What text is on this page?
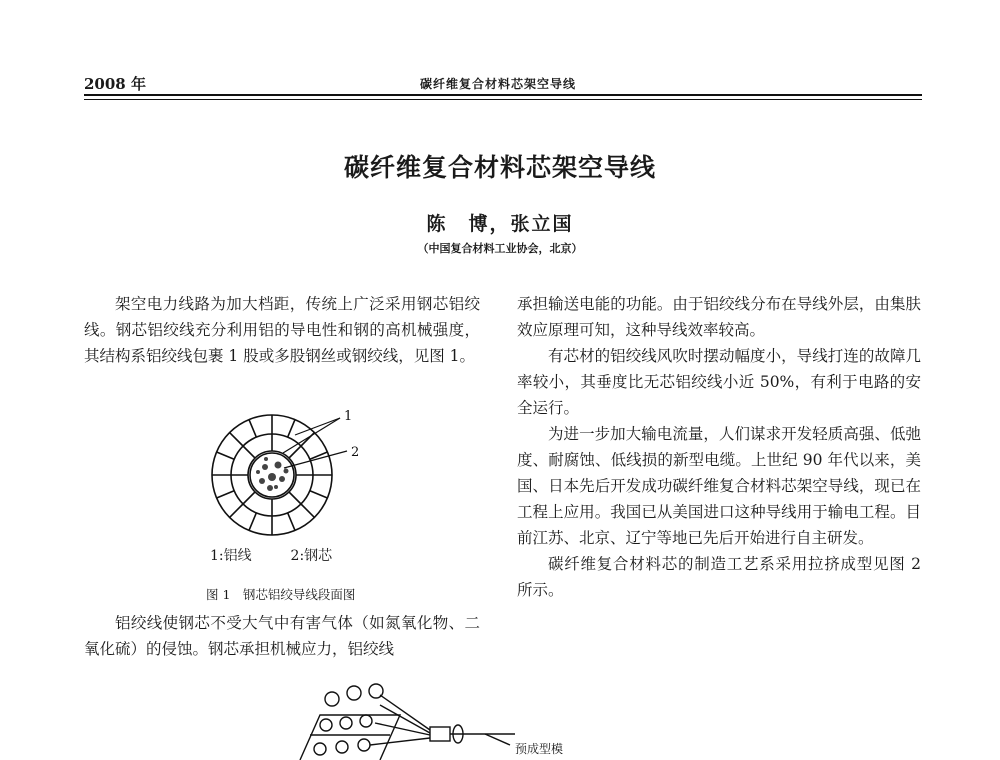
2008 年	碳纤维复合材料芯架空导线
碳纤维复合材料芯架空导线
陈　博，张立国
（中国复合材料工业协会，北京）

架空电力线路为加大档距，传统上广泛采用钢芯铝绞线。钢芯铝绞线充分利用铝的导电性和钢的高机械强度，其结构系铝绞线包裹 1 股或多股钢丝或钢绞线，见图 1。

1
2
1:铝线	2:钢芯
图 1　钢芯铝绞导线段面图

铝绞线使钢芯不受大气中有害气体（如氮氧化物、二氧化硫）的侵蚀。钢芯承担机械应力，铝绞线

承担输送电能的功能。由于铝绞线分布在导线外层，由集肤效应原理可知，这种导线效率较高。

有芯材的铝绞线风吹时摆动幅度小，导线打连的故障几率较小，其垂度比无芯铝绞线小近 50%，有利于电路的安全运行。

为进一步加大输电流量，人们谋求开发轻质高强、低弛度、耐腐蚀、低线损的新型电缆。上世纪 90 年代以来，美国、日本先后开发成功碳纤维复合材料芯架空导线，现已在工程上应用。我国已从美国进口这种导线用于输电工程。目前江苏、北京、辽宁等地已先后开始进行自主研发。

碳纤维复合材料芯的制造工艺系采用拉挤成型见图 2 所示。

预成型模
